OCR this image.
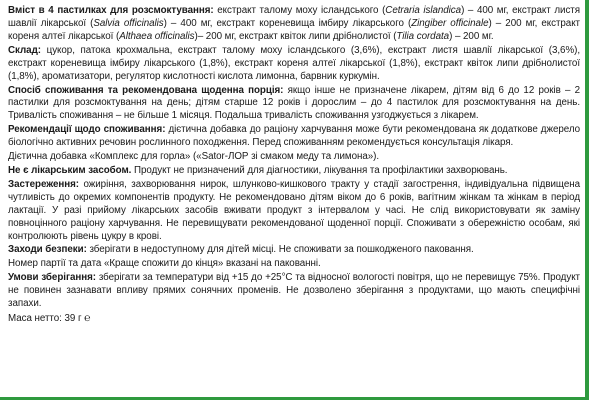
Вміст в 4 пастилках для розсмоктування: екстракт талому моху ісландського (Cetraria islandica) – 400 мг, екстракт листя шавлії лікарської (Salvia officinalis) – 400 мг, екстракт кореневища імбиру лікарського (Zingiber officinale) – 200 мг, екстракт кореня алтеї лікарської (Althaea officinalis)– 200 мг, екстракт квіток липи дрібнолистої (Tilia cordata) – 200 мг.

Склад: цукор, патока крохмальна, екстракт талому моху ісландського (3,6%), екстракт листя шавлії лікарської (3,6%), екстракт кореневища імбиру лікарського (1,8%), екстракт кореня алтеї лікарської (1,8%), екстракт квіток липи дрібнолистої (1,8%), ароматизатори, регулятор кислотності кислота лимонна, барвник куркумін.

Спосіб споживання та рекомендована щоденна порція: якщо інше не призначене лікарем, дітям від 6 до 12 років – 2 пастилки для розсмоктування на день; дітям старше 12 років і дорослим – до 4 пастилок для розсмоктування на день. Тривалість споживання – не більше 1 місяця. Подальша тривалість споживання узгоджується з лікарем.

Рекомендації щодо споживання: дієтична добавка до раціону харчування може бути рекомендована як додаткове джерело біологічно активних речовин рослинного походження. Перед споживанням рекомендується консультація лікаря.

Дієтична добавка «Комплекс для горла» («Sator-ЛОР зі смаком меду та лимона»).

Не є лікарським засобом. Продукт не призначений для діагностики, лікування та профілактики захворювань.

Застереження: ожиріння, захворювання нирок, шлунково-кишкового тракту у стадії загострення, індивідуальна підвищена чутливість до окремих компонентів продукту. Не рекомендовано дітям віком до 6 років, вагітним жінкам та жінкам в період лактації. У разі прийому лікарських засобів вживати продукт з інтервалом у часі. Не слід використовувати як заміну повноцінного раціону харчування. Не перевищувати рекомендованої щоденної порції. Споживати з обережністю особам, які контролюють рівень цукру в крові.

Заходи безпеки: зберігати в недоступному для дітей місці. Не споживати за пошкодженого паковання.

Номер партії та дата «Краще спожити до кінця» вказані на пакованні.

Умови зберігання: зберігати за температури від +15 до +25°С та відносної вологості повітря, що не перевищує 75%. Продукт не повинен зазнавати впливу прямих сонячних променів. Не дозволено зберігання з продуктами, що мають специфічні запахи.

Маса нетто: 39 г ℮
